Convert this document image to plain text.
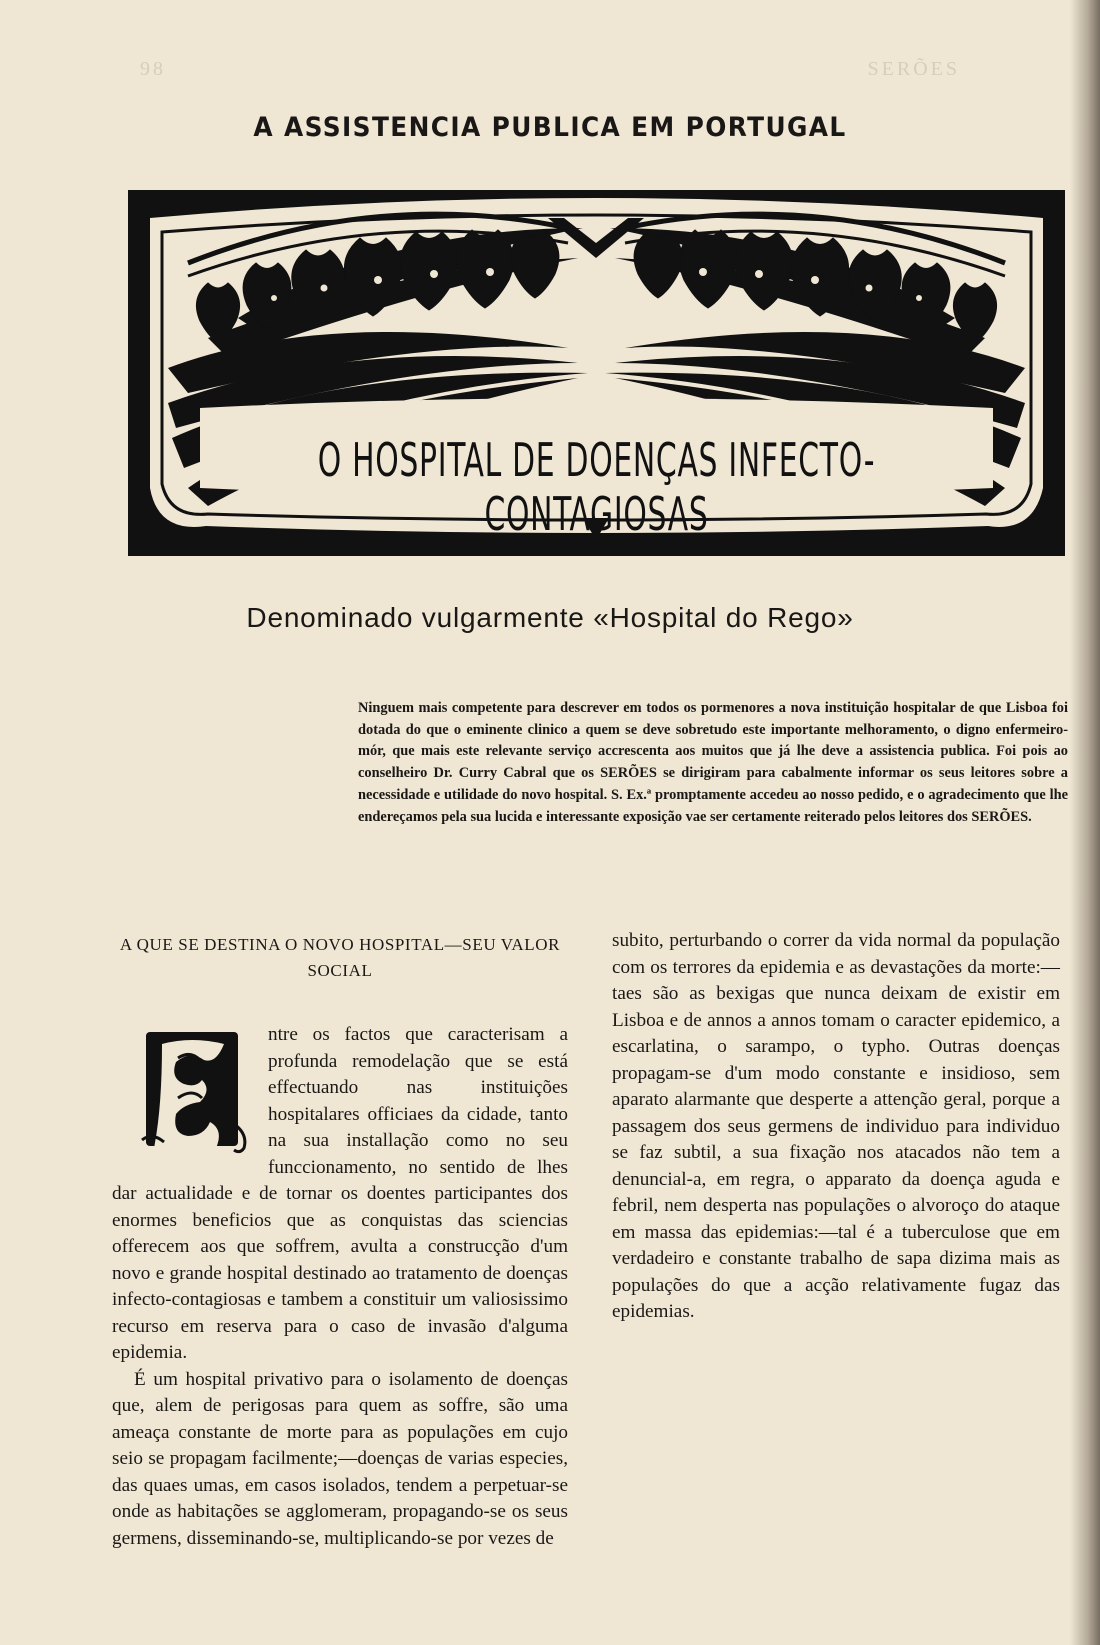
98	SERÕES
A ASSISTENCIA PUBLICA EM PORTUGAL
O HOSPITAL DE DOENÇAS INFECTO-CONTAGIOSAS
Denominado vulgarmente «Hospital do Rego»
Ninguem mais competente para descrever em todos os pormenores a nova instituição hospitalar de que Lisboa foi dotada do que o eminente clinico a quem se deve sobretudo este importante melhoramento, o digno enfermeiro-mór, que mais este relevante serviço accrescenta aos muitos que já lhe deve a assistencia publica. Foi pois ao conselheiro Dr. Curry Cabral que os SERÕES se dirigiram para cabalmente informar os seus leitores sobre a necessidade e utilidade do novo hospital. S. Ex.ª promptamente accedeu ao nosso pedido, e o agradecimento que lhe endereçamos pela sua lucida e interessante exposição vae ser certamente reiterado pelos leitores dos SERÕES.
A QUE SE DESTINA O NOVO HOSPITAL—SEU VALOR SOCIAL

ntre os factos que caracterisam a profunda remodelação que se está effectuando nas instituições hospitalares officiaes da cidade, tanto na sua installação como no seu funccionamento, no sentido de lhes dar actualidade e de tornar os doentes participantes dos enormes beneficios que as conquistas das sciencias offerecem aos que soffrem, avulta a construcção d'um novo e grande hospital destinado ao tratamento de doenças infecto-contagiosas e tambem a constituir um valiosissimo recurso em reserva para o caso de invasão d'alguma epidemia.

É um hospital privativo para o isolamento de doenças que, alem de perigosas para quem as soffre, são uma ameaça constante de morte para as populações em cujo seio se propagam facilmente;—doenças de varias especies, das quaes umas, em casos isolados, tendem a perpetuar-se onde as habitações se agglomeram, propagando-se os seus germens, disseminando-se, multiplicando-se por vezes de

subito, perturbando o correr da vida normal da população com os terrores da epidemia e as devastações da morte:—taes são as bexigas que nunca deixam de existir em Lisboa e de annos a annos tomam o caracter epidemico, a escarlatina, o sarampo, o typho. Outras doenças propagam-se d'um modo constante e insidioso, sem aparato alarmante que desperte a attenção geral, porque a passagem dos seus germens de individuo para individuo se faz subtil, a sua fixação nos atacados não tem a denuncial-a, em regra, o apparato da doença aguda e febril, nem desperta nas populações o alvoroço do ataque em massa das epidemias:—tal é a tuberculose que em verdadeiro e constante trabalho de sapa dizima mais as populações do que a acção relativamente fugaz das epidemias.
